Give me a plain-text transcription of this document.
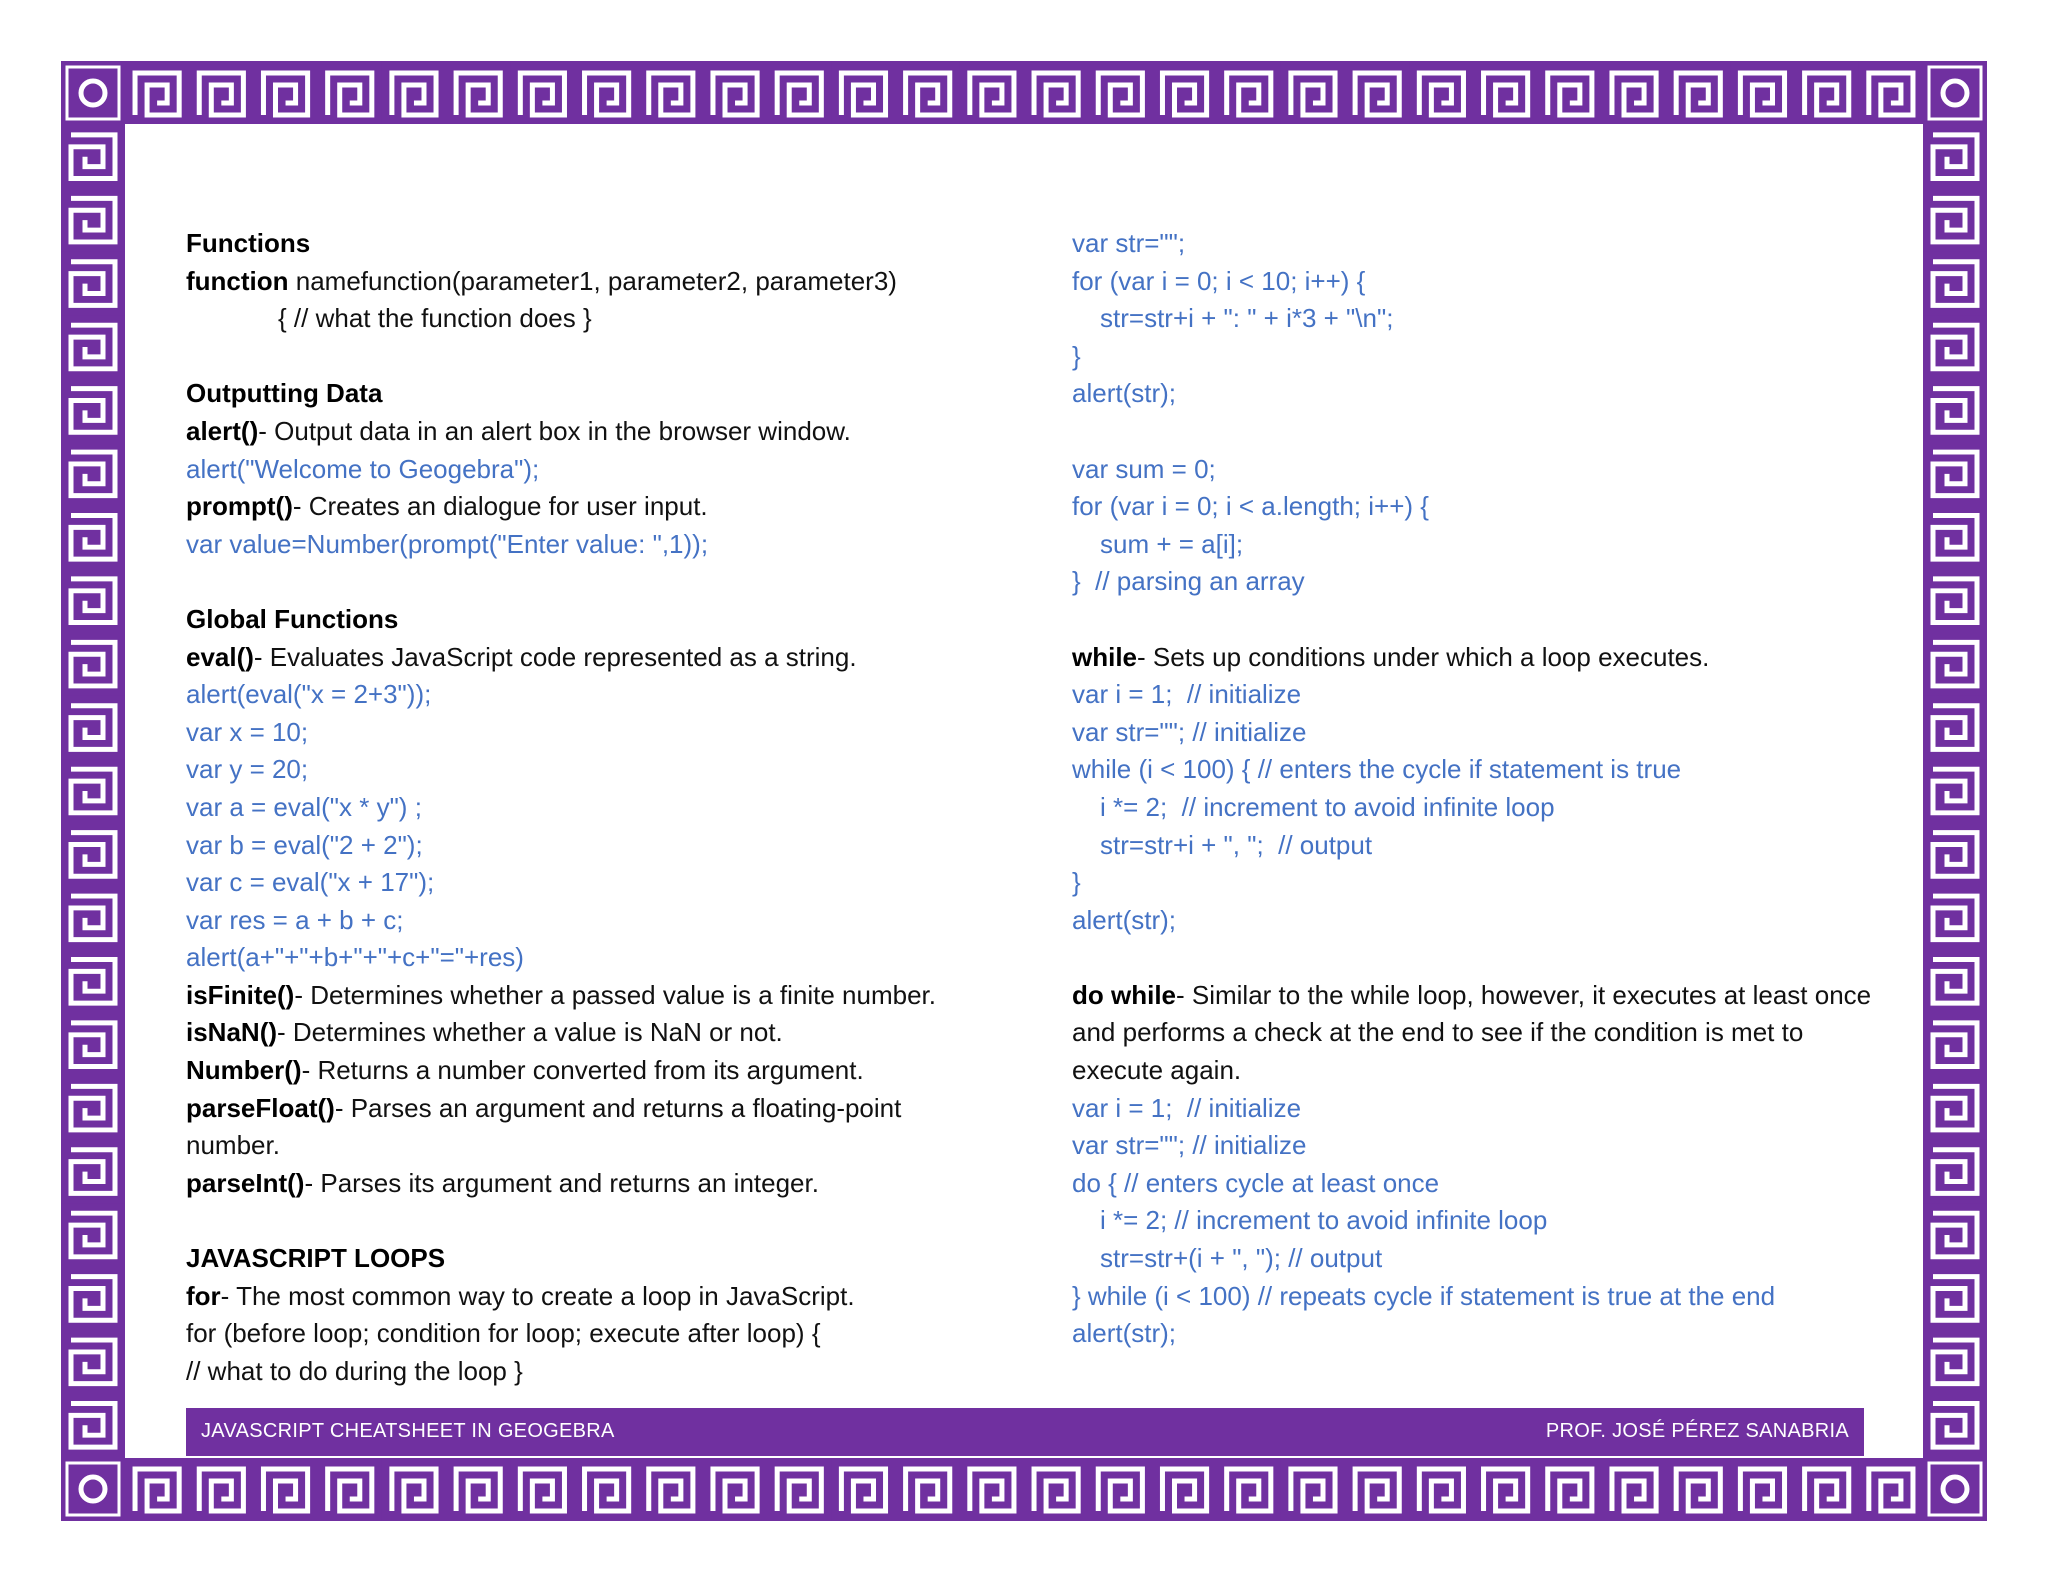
Functions
function namefunction(parameter1, parameter2, parameter3)
{ // what the function does }
Outputting Data
alert()- Output data in an alert box in the browser window.
alert("Welcome to Geogebra");
prompt()- Creates an dialogue for user input.
var value=Number(prompt("Enter value: ",1));
Global Functions
eval()- Evaluates JavaScript code represented as a string.
alert(eval("x = 2+3"));
var x = 10;
var y = 20;
var a = eval("x * y") ;
var b = eval("2 + 2");
var c = eval("x + 17");
var res = a + b + c;
alert(a+"+"+b+"+"+c+"="+res)
isFinite()- Determines whether a passed value is a finite number.
isNaN()- Determines whether a value is NaN or not.
Number()- Returns a number converted from its argument.
parseFloat()- Parses an argument and returns a floating-point
number.
parseInt()- Parses its argument and returns an integer.
JAVASCRIPT LOOPS
for- The most common way to create a loop in JavaScript.
for (before loop; condition for loop; execute after loop) {
// what to do during the loop }
var str="";
for (var i = 0; i < 10; i++) {
str=str+i + ": " + i*3 + "\n";
}
alert(str);
var sum = 0;
for (var i = 0; i < a.length; i++) {
sum + = a[i];
}  // parsing an array
while- Sets up conditions under which a loop executes.
var i = 1;  // initialize
var str=""; // initialize
while (i < 100) { // enters the cycle if statement is true
i *= 2;  // increment to avoid infinite loop
str=str+i + ", ";  // output
}
alert(str);
do while- Similar to the while loop, however, it executes at least once and performs a check at the end to see if the condition is met to execute again.
var i = 1;  // initialize
var str=""; // initialize
do { // enters cycle at least once
i *= 2; // increment to avoid infinite loop
str=str+(i + ", "); // output
} while (i < 100) // repeats cycle if statement is true at the end
alert(str);
JAVASCRIPT CHEATSHEET IN GEOGEBRA	PROF. JOSÉ PÉREZ SANABRIA
